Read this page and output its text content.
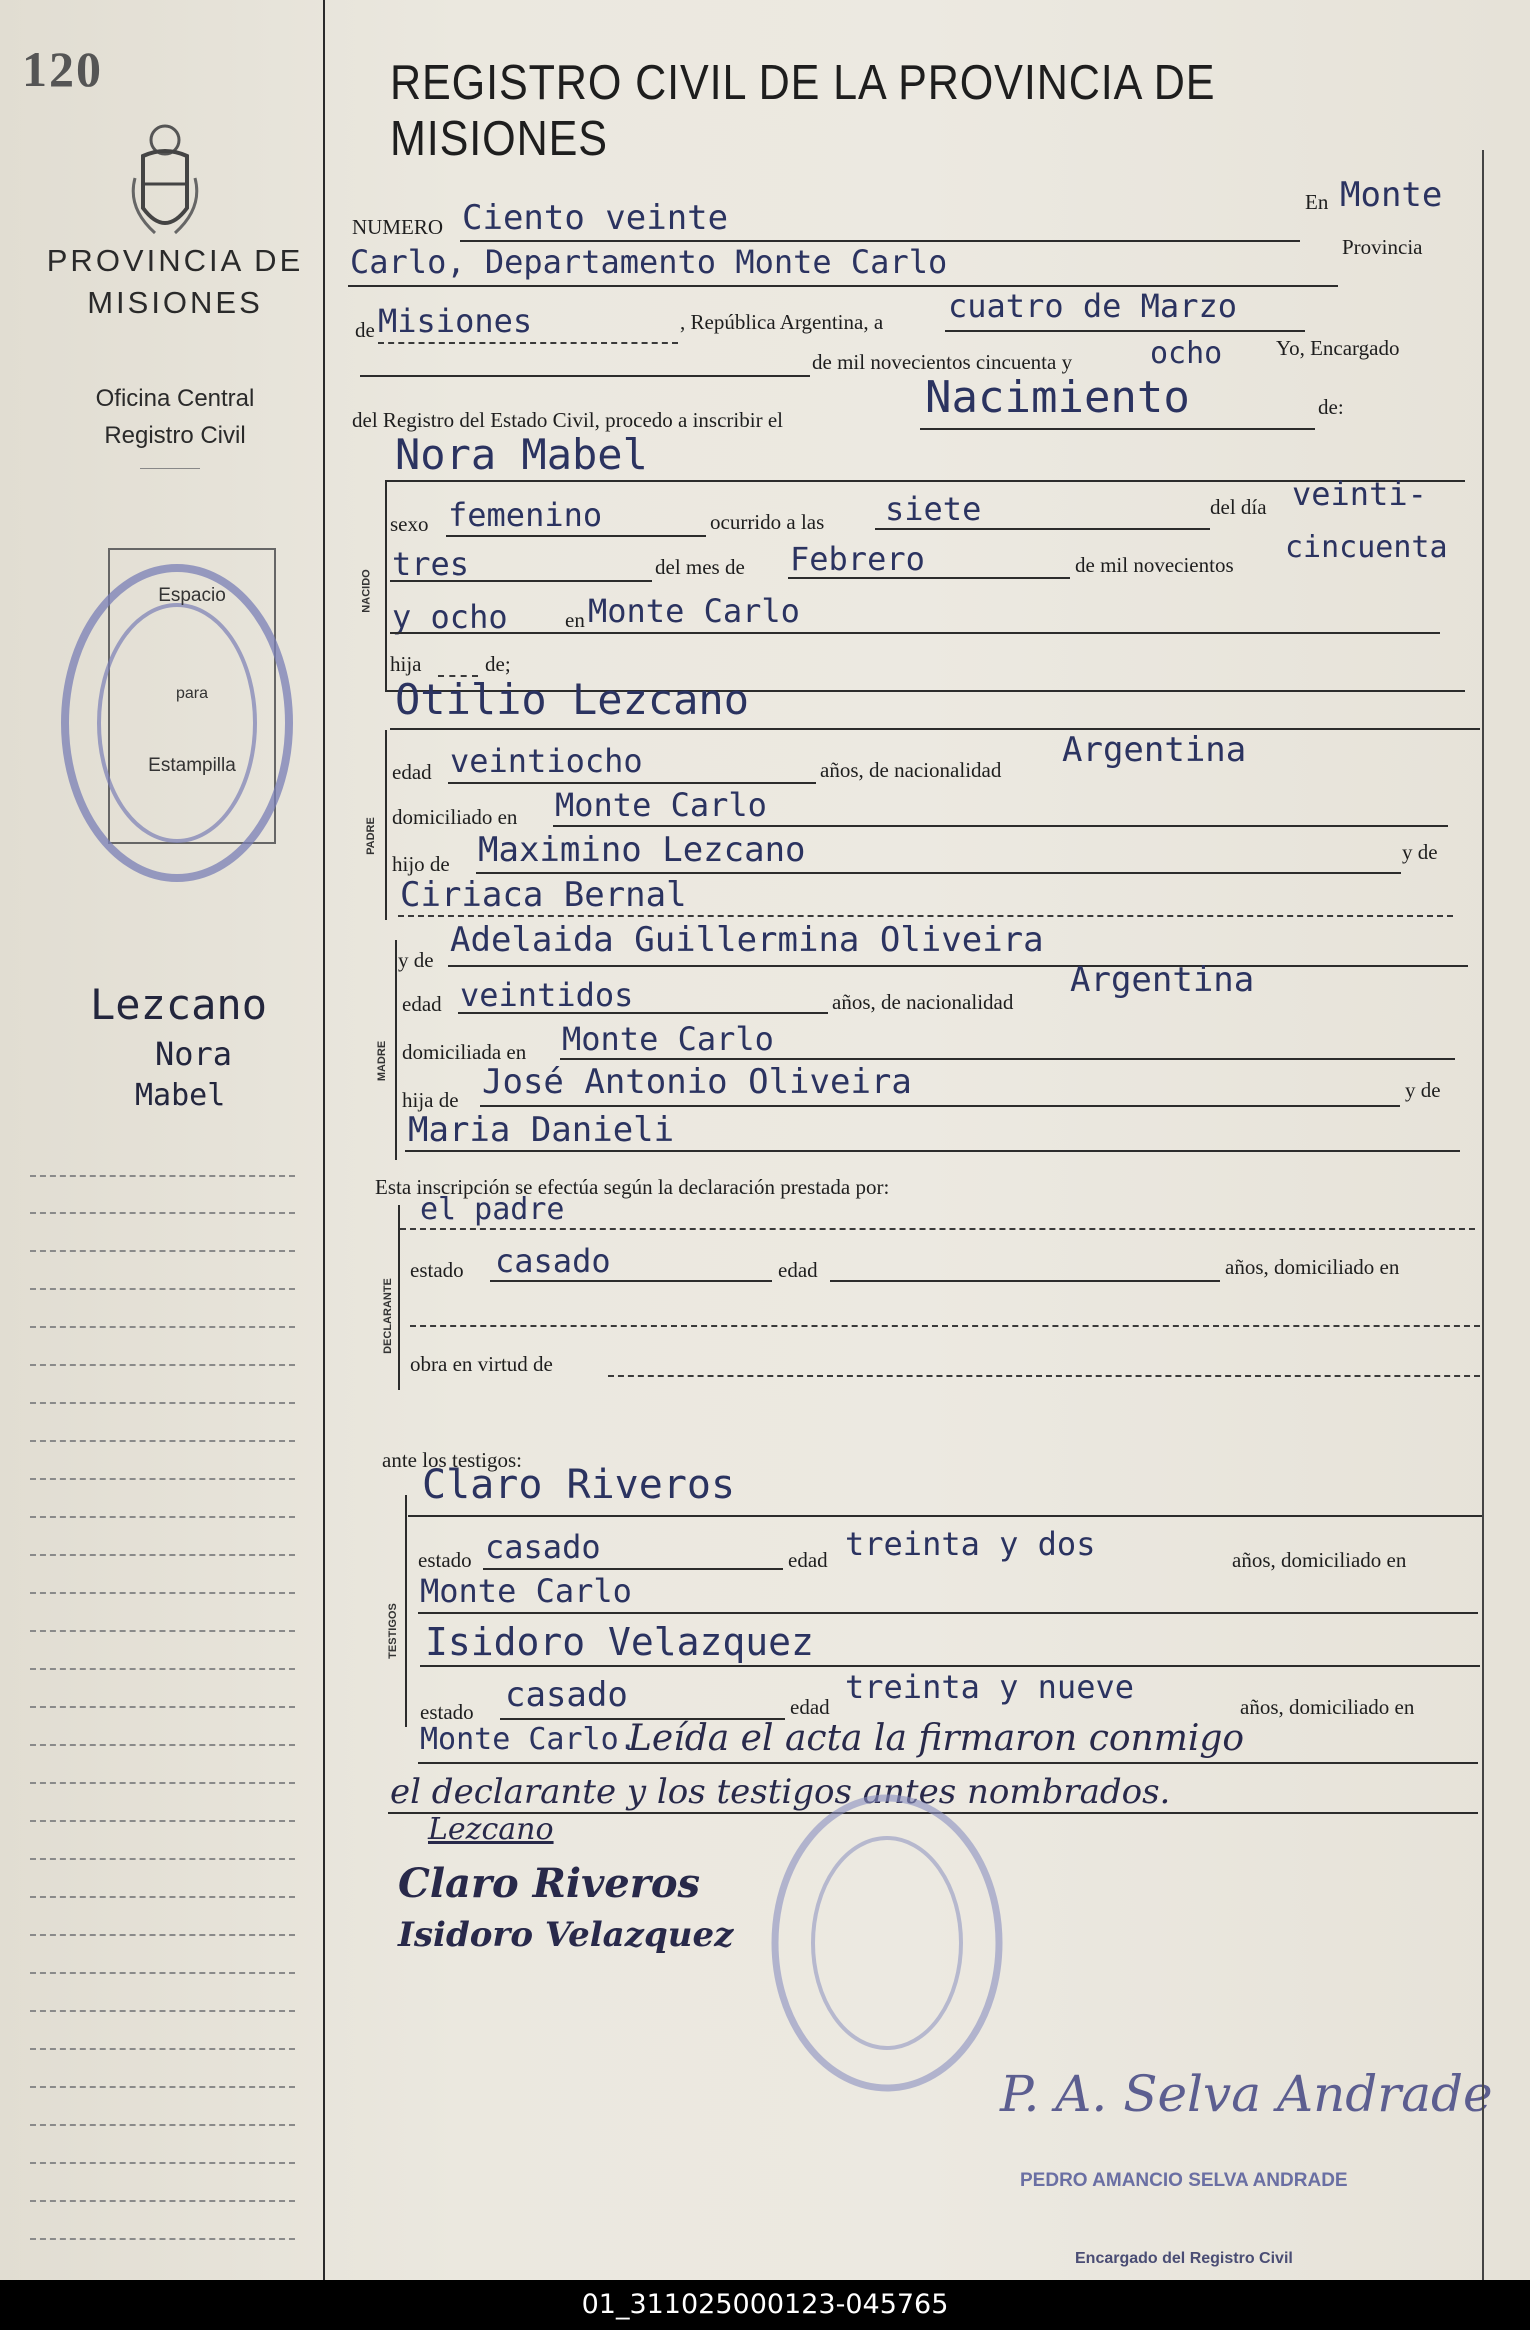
120
PROVINCIA DE
MISIONES
Oficina Central
Registro Civil
Espacio
para
Estampilla
Lezcano
Nora
Mabel
REGISTRO CIVIL DE LA PROVINCIA DE MISIONES
NUMERO Ciento veinte	En Monte
Carlo, Departamento Monte Carlo	Provincia
de Misiones	, República Argentina, a cuatro de Marzo
de mil novecientos cincuenta y	ocho	Yo, Encargado
del Registro del Estado Civil, procedo a inscribir el	Nacimiento	de:
Nora Mabel
NACIDO
sexo femenino	ocurrido a las siete	del día veinti-
tres	del mes de Febrero	de mil novecientos cincuenta
y ocho	en Monte Carlo
hija	de;
Otilio Lezcano
PADRE
edad veintiocho	años, de nacionalidad Argentina
domiciliado en Monte Carlo
hijo de Maximino Lezcano	y de
Ciriaca Bernal
y de Adelaida Guillermina Oliveira
MADRE
edad veintidos	años, de nacionalidad
Argentina
domiciliada en Monte Carlo
hija de José Antonio Oliveira	y de
Maria Danieli
Esta inscripción se efectúa según la declaración prestada por:
el padre
DECLARANTE
estado casado	edad	años, domiciliado en
obra en virtud de
ante los testigos:
Claro Riveros
TESTIGOS
estado casado	edad treinta y dos	años, domiciliado en
Monte Carlo
Isidoro Velazquez
estado casado	edad
treinta y nueve
años, domiciliado en
Monte Carlo.
Leída el acta la firmaron conmigo
el declarante y los testigos antes nombrados.
Lezcano
Claro Riveros
Isidoro Velazquez
P. A. Selva Andrade
PEDRO AMANCIO SELVA ANDRADE
Encargado del Registro Civil
01_311025000123-045765
